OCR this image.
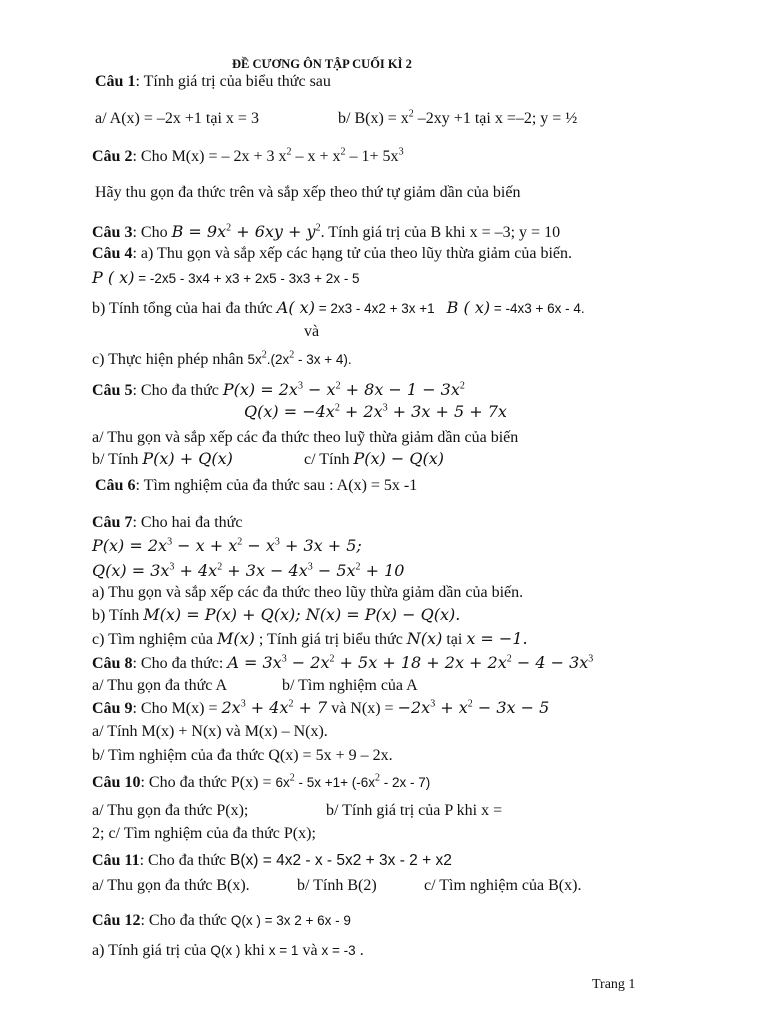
ĐỀ CƯƠNG ÔN TẬP CUỐI KÌ 2
Câu 1: Tính giá trị của biểu thức sau
a/ A(x) = –2x +1 tại x = 3	b/ $B(x) = x^2$ –2xy +1 tại x =–2; y = ½
Câu 2: Cho M(x) = – 2x + 3 $x^2 - x + x^2 - 1+ 5x^3$
Hãy thu gọn đa thức trên và sắp xếp theo thứ tự giảm dần của biến
Câu 3: Cho $B = 9x^2 + 6xy + y^2$. Tính giá trị của B khi x = –3; y = 10
Câu 4: a) Thu gọn và sắp xếp các hạng tử của theo lũy thừa giảm của biến.
P ( x) = -2x5 - 3x4 + x3 + 2x5 - 3x3 + 2x - 5
b) Tính tổng của hai đa thức A( x) = 2x3 - 4x2 + 3x +1 B ( x) = -4x3 + 6x - 4.
và
c) Thực hiện phép nhân $5x^2.(2x^2 - 3x + 4)$.
Câu 5: Cho đa thức $P(x) = 2x^3 - x^2 + 8x - 1 - 3x^2$
$Q(x) = -4x^2 + 2x^3 + 3x + 5 + 7x$
a/ Thu gọn và sắp xếp các đa thức theo luỹ thừa giảm dần của biến
b/ Tính P(x) + Q(x)	c/ Tính P(x) − Q(x)
Câu 6: Tìm nghiệm của đa thức sau : A(x) = 5x -1
Câu 7: Cho hai đa thức
$P(x) = 2x^3 - x + x^2 - x^3 + 3x + 5$;
$Q(x) = 3x^3 + 4x^2 + 3x - 4x^3 - 5x^2 + 10$
a) Thu gọn và sắp xếp các đa thức theo lũy thừa giảm dần của biến.
b) Tính M(x) = P(x) + Q(x); N(x) = P(x) − Q(x).
c) Tìm nghiệm của M(x) ; Tính giá trị biểu thức N(x) tại x = −1.
Câu 8: Cho đa thức: $A = 3x^3 - 2x^2 + 5x + 18 + 2x + 2x^2 - 4 - 3x^3$
a/ Thu gọn đa thức A	b/ Tìm nghiệm của A
Câu 9: Cho $M(x) = 2x^3 + 4x^2 + 7$ và $N(x) = -2x^3 + x^2 - 3x - 5$
a/ Tính M(x) + N(x) và M(x) – N(x).
b/ Tìm nghiệm của đa thức Q(x) = 5x + 9 – 2x.
Câu 10: Cho đa thức $P(x) = 6x^2 - 5x +1+ (-6x^2 - 2x - 7)$
a/ Thu gọn đa thức P(x);	b/ Tính giá trị của P khi x =
2; c/ Tìm nghiệm của đa thức P(x);
Câu 11: Cho đa thức B(x) = 4x2 - x - 5x2 + 3x - 2 + x2
a/ Thu gọn đa thức B(x).	b/ Tính B(2)	c/ Tìm nghiệm của B(x).
Câu 12: Cho đa thức Q(x ) = 3x 2 + 6x - 9
a) Tính giá trị của Q(x ) khi x = 1 và x = -3 .
Trang 1
